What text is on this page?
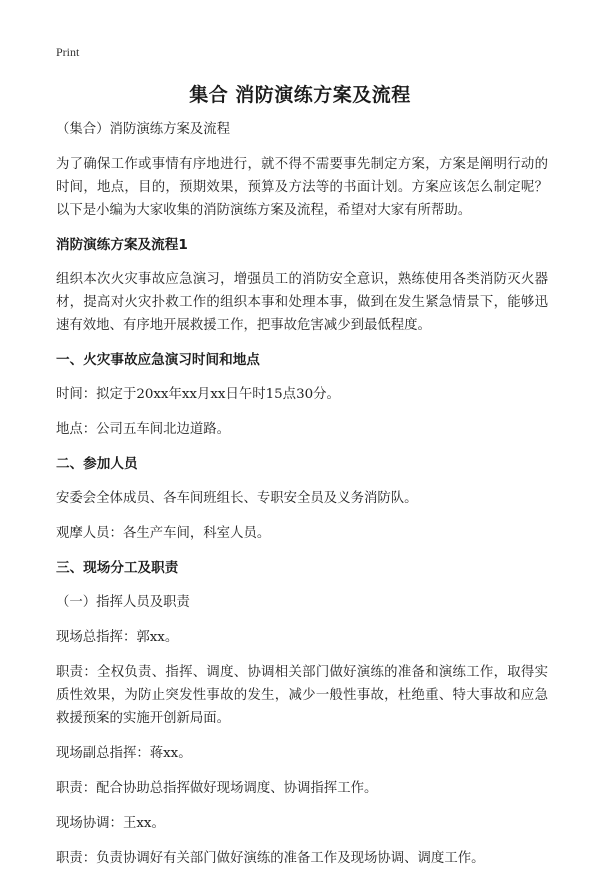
Print
集合 消防演练方案及流程

（集合）消防演练方案及流程

为了确保工作或事情有序地进行，就不得不需要事先制定方案，方案是阐明行动的时间，地点，目的，预期效果，预算及方法等的书面计划。方案应该怎么制定呢？以下是小编为大家收集的消防演练方案及流程，希望对大家有所帮助。

消防演练方案及流程1

组织本次火灾事故应急演习，增强员工的消防安全意识，熟练使用各类消防灭火器材，提高对火灾扑救工作的组织本事和处理本事，做到在发生紧急情景下，能够迅速有效地、有序地开展救援工作，把事故危害减少到最低程度。

一、火灾事故应急演习时间和地点

时间：拟定于20xx年xx月xx日午时15点30分。

地点：公司五车间北边道路。

二、参加人员

安委会全体成员、各车间班组长、专职安全员及义务消防队。

观摩人员：各生产车间，科室人员。

三、现场分工及职责

（一）指挥人员及职责

现场总指挥：郭xx。

职责：全权负责、指挥、调度、协调相关部门做好演练的准备和演练工作，取得实质性效果，为防止突发性事故的发生，减少一般性事故，杜绝重、特大事故和应急救援预案的实施开创新局面。

现场副总指挥：蒋xx。

职责：配合协助总指挥做好现场调度、协调指挥工作。

现场协调：王xx。

职责：负责协调好有关部门做好演练的准备工作及现场协调、调度工作。
